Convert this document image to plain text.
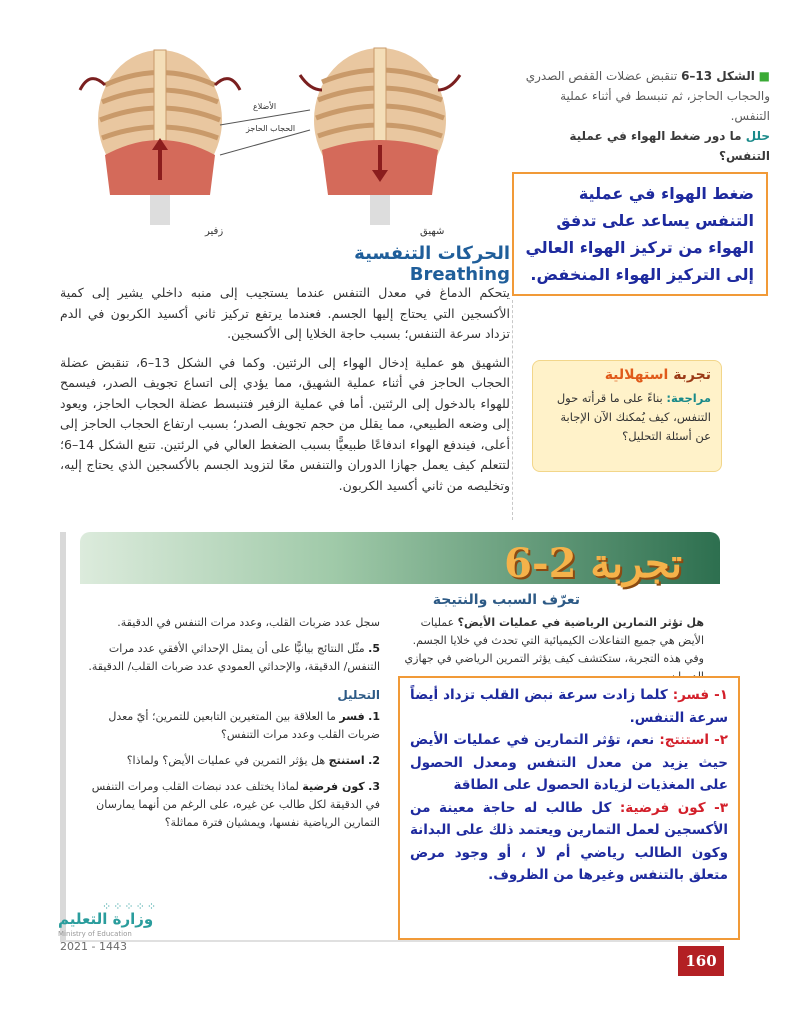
الأضلاع
الحجاب الحاجز
زفير	شهيق
■ الشكل 13–6 تنقبض عضلات القفص الصدري والحجاب الحاجز، ثم تنبسط في أثناء عملية التنفس.
حلل ما دور ضغط الهواء في عملية التنفس؟
ضغط الهواء في عملية التنفس يساعد على تدفق الهواء من تركيز الهواء العالي إلى التركيز الهواء المنخفض.
الحركات التنفسية Breathing

يتحكم الدماغ في معدل التنفس عندما يستجيب إلى منبه داخلي يشير إلى كمية الأكسجين التي يحتاج إليها الجسم. فعندما يرتفع تركيز ثاني أكسيد الكربون في الدم تزداد سرعة التنفس؛ بسبب حاجة الخلايا إلى الأكسجين.

الشهيق هو عملية إدخال الهواء إلى الرئتين. وكما في الشكل 13–6، تنقبض عضلة الحجاب الحاجز في أثناء عملية الشهيق، مما يؤدي إلى اتساع تجويف الصدر، فيسمح للهواء بالدخول إلى الرئتين. أما في عملية الزفير فتنبسط عضلة الحجاب الحاجز، ويعود إلى وضعه الطبيعي، مما يقلل من حجم تجويف الصدر؛ بسبب ارتفاع الحجاب الحاجز إلى أعلى، فيندفع الهواء اندفاعًا طبيعيًّا بسبب الضغط العالي في الرئتين. تتبع الشكل 14–6؛ لتتعلم كيف يعمل جهازا الدوران والتنفس معًا لتزويد الجسم بالأكسجين الذي يحتاج إليه، وتخليصه من ثاني أكسيد الكربون.

تجربة استهلالية
مراجعة: بناءً على ما قرأته حول التنفس، كيف يُمكنك الآن الإجابة عن أسئلة التحليل؟
تجربة 2-6
تعرّف السبب والنتيجة
هل تؤثر التمارين الرياضية في عمليات الأيض؟ عمليات الأيض هي جميع التفاعلات الكيميائية التي تحدث في خلايا الجسم. وفي هذه التجربة، ستكتشف كيف يؤثر التمرين الرياضي في جهازي
سجل عدد ضربات القلب، وعدد مرات التنفس في الدقيقة.
5. مثّل النتائج بيانيًّا على أن يمثل الإحداثي الأفقي عدد مرات التنفس/ الدقيقة، والإحداثي العمودي عدد ضربات القلب/ الدقيقة.
التحليل
1. فسر ما العلاقة بين المتغيرين التابعين للتمرين؛ أيّ معدل ضربات القلب وعدد مرات التنفس؟
2. استنتج هل يؤثر التمرين في عمليات الأيض؟ ولماذا؟
3. كون فرضية لماذا يختلف عدد نبضات القلب ومرات التنفس في الدقيقة لكل طالب عن غيره، على الرغم من أنهما يمارسان التمارين الرياضية نفسها، ويمشيان فترة مماثلة؟
١- فسر: كلما زادت سرعة نبض القلب تزداد أيضاً سرعة التنفس.
٢- استنتج: نعم، تؤثر التمارين في عمليات الأيض حيث يزيد من معدل التنفس ومعدل الحصول على المغذيات لزيادة الحصول على الطاقة
٣- كون فرضية: كل طالب له حاجة معينة من الأكسجين لعمل التمارين ويعتمد ذلك على البدانة وكون الطالب رياضي أم لا ، أو وجود مرض متعلق بالتنفس وغيرها من الظروف.
⁘⁘⁘⁘⁘
وزارة التعليم
Ministry of Education
2021 - 1443
160
